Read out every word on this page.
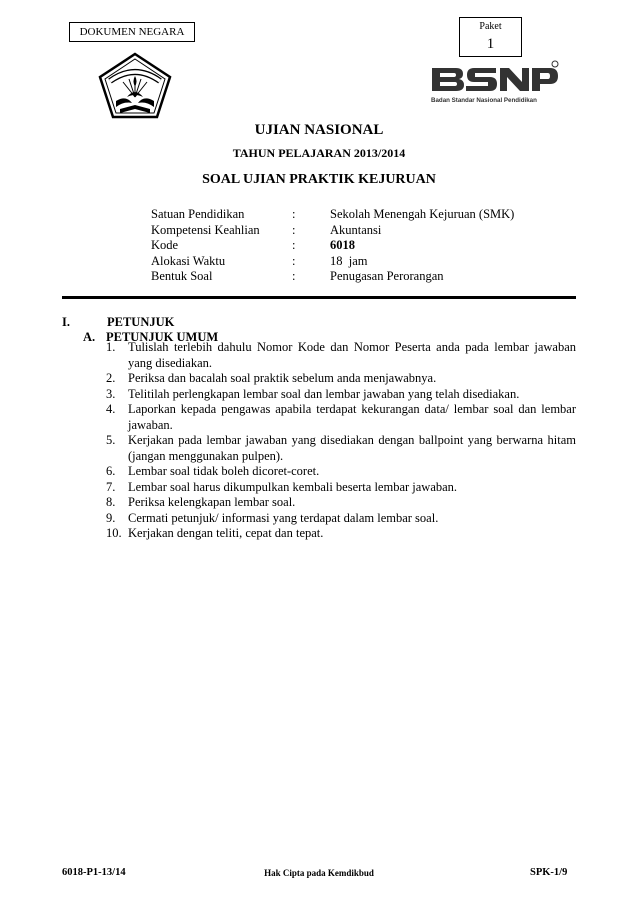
DOKUMEN NEGARA	Paket
1
Badan Standar Nasional Pendidikan
UJIAN NASIONAL
TAHUN PELAJARAN 2013/2014
SOAL UJIAN PRAKTIK KEJURUAN
Satuan Pendidikan	:	Sekolah Menengah Kejuruan (SMK)
Kompetensi Keahlian	:	Akuntansi
Kode	:	6018
Alokasi Waktu	:	18  jam
Bentuk Soal	:	Penugasan Perorangan
I.	PETUNJUK
A. PETUNJUK UMUM
1.	Tulislah terlebih dahulu Nomor Kode dan Nomor Peserta anda pada lembar jawaban yang disediakan.
2.	Periksa dan bacalah soal praktik sebelum anda menjawabnya.
3.	Telitilah perlengkapan lembar soal dan lembar jawaban yang telah disediakan.
4.	Laporkan kepada pengawas apabila terdapat kekurangan data/ lembar soal dan lembar jawaban.
5.	Kerjakan pada lembar jawaban yang disediakan dengan ballpoint yang berwarna hitam (jangan menggunakan pulpen).
6.	Lembar soal tidak boleh dicoret-coret.
7.	Lembar soal harus dikumpulkan kembali beserta lembar jawaban.
8.	Periksa kelengkapan lembar soal.
9.	Cermati petunjuk/ informasi yang terdapat dalam lembar soal.
10. Kerjakan dengan teliti, cepat dan tepat.
6018-P1-13/14	Hak Cipta pada Kemdikbud	SPK-1/9
